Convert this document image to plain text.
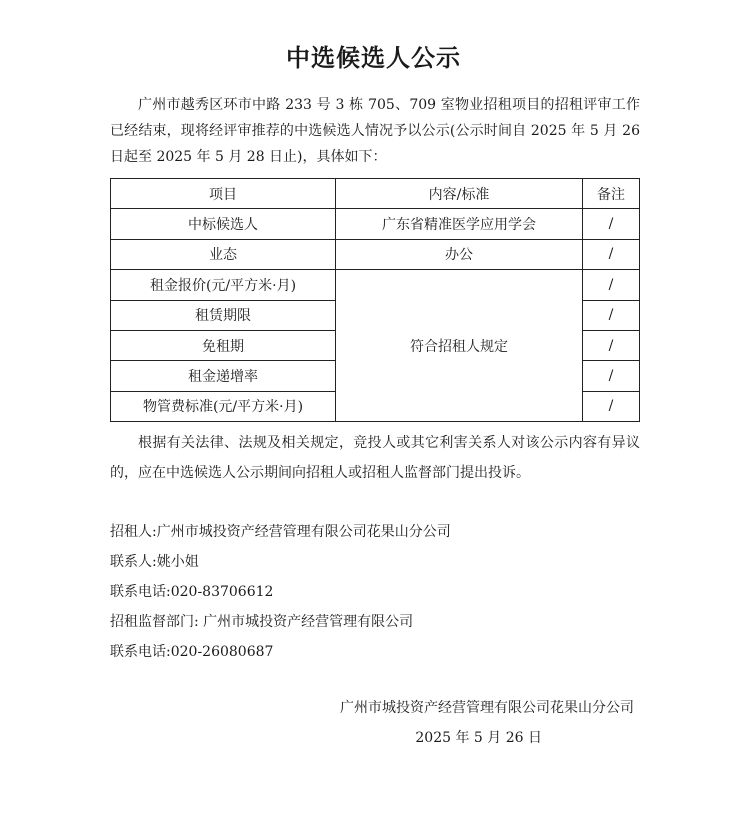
中选候选人公示
广州市越秀区环市中路 233 号 3 栋 705、709 室物业招租项目的招租评审工作已经结束，现将经评审推荐的中选候选人情况予以公示(公示时间自 2025 年 5 月 26 日起至 2025 年 5 月 28 日止)，具体如下：
项目	内容/标准	备注
中标候选人	广东省精准医学应用学会	/
业态	办公	/
租金报价(元/平方米·月)	符合招租人规定	/
租赁期限		/
免租期		/
租金递增率		/
物管费标准(元/平方米·月)		/
根据有关法律、法规及相关规定，竞投人或其它利害关系人对该公示内容有异议的，应在中选候选人公示期间向招租人或招租人监督部门提出投诉。
招租人:广州市城投资产经营管理有限公司花果山分公司
联系人:姚小姐
联系电话:020-83706612
招租监督部门: 广州市城投资产经营管理有限公司
联系电话:020-26080687
广州市城投资产经营管理有限公司花果山分公司
2025 年 5 月 26 日
